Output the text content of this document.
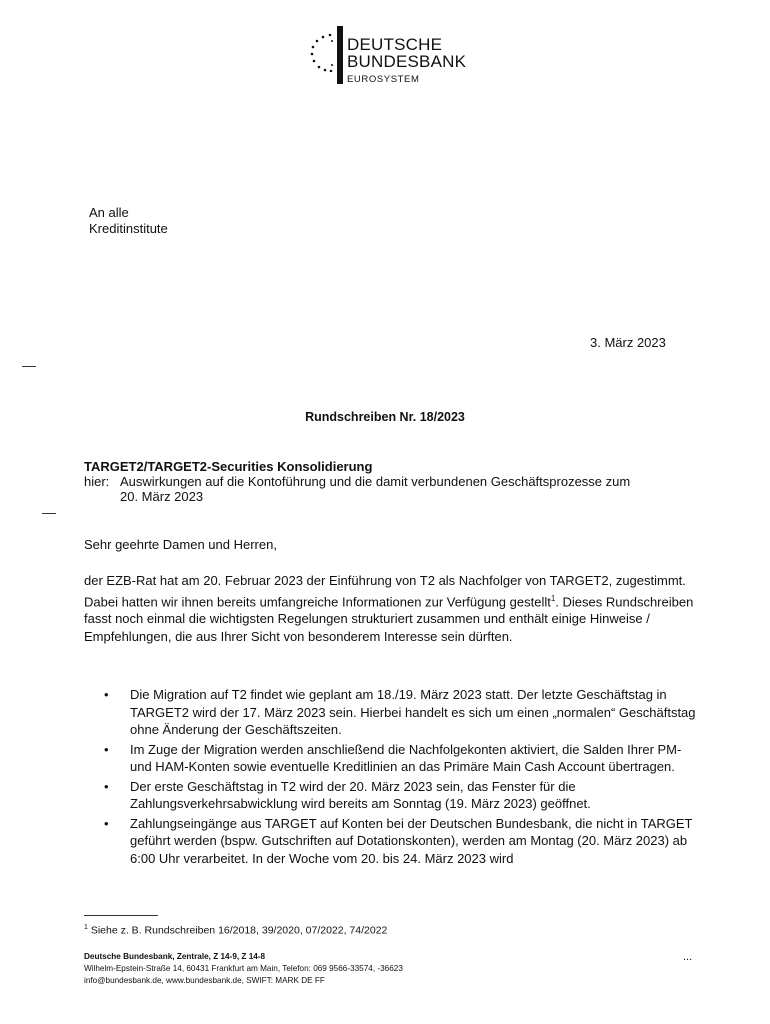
DEUTSCHE
BUNDESBANK
EUROSYSTEM
An alle
Kreditinstitute
3. März 2023
Rundschreiben Nr. 18/2023
TARGET2/TARGET2-Securities Konsolidierung
hier: Auswirkungen auf die Kontoführung und die damit verbundenen Geschäftsprozesse zum
20. März 2023
Sehr geehrte Damen und Herren,

der EZB-Rat hat am 20. Februar 2023 der Einführung von T2 als Nachfolger von TARGET2, zugestimmt. Dabei hatten wir ihnen bereits umfangreiche Informationen zur Verfügung gestellt$^1$. Dieses Rundschreiben fasst noch einmal die wichtigsten Regelungen strukturiert zusammen und enthält einige Hinweise / Empfehlungen, die aus Ihrer Sicht von besonderem Interesse sein dürften.

• Die Migration auf T2 findet wie geplant am 18./19. März 2023 statt. Der letzte Geschäftstag in TARGET2 wird der 17. März 2023 sein. Hierbei handelt es sich um einen „normalen“ Geschäftstag ohne Änderung der Geschäftszeiten.
• Im Zuge der Migration werden anschließend die Nachfolgekonten aktiviert, die Salden Ihrer PM- und HAM-Konten sowie eventuelle Kreditlinien an das Primäre Main Cash Account übertragen.
• Der erste Geschäftstag in T2 wird der 20. März 2023 sein, das Fenster für die Zahlungsverkehrsabwicklung wird bereits am Sonntag (19. März 2023) geöffnet.
• Zahlungseingänge aus TARGET auf Konten bei der Deutschen Bundesbank, die nicht in TARGET geführt werden (bspw. Gutschriften auf Dotationskonten), werden am Montag (20. März 2023) ab 6:00 Uhr verarbeitet. In der Woche vom 20. bis 24. März 2023 wird
$^1$ Siehe z. B. Rundschreiben 16/2018, 39/2020, 07/2022, 74/2022
Deutsche Bundesbank, Zentrale, Z 14-9, Z 14-8
Wilhelm-Epstein-Straße 14, 60431 Frankfurt am Main, Telefon: 069 9566-33574, -36623
info@bundesbank.de, www.bundesbank.de, SWIFT: MARK DE FF
...
